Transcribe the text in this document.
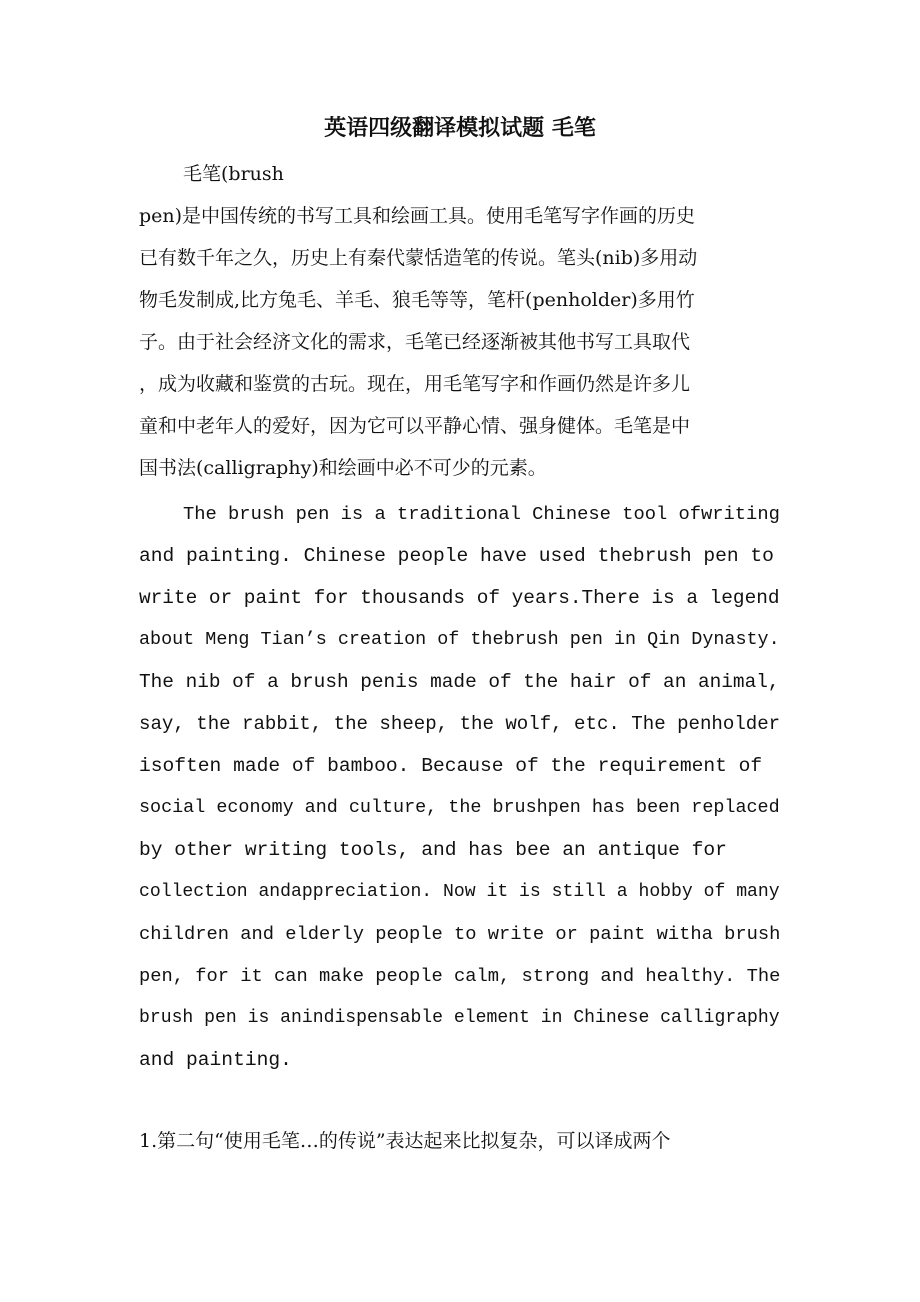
英语四级翻译模拟试题 毛笔
毛笔(brush
pen)是中国传统的书写工具和绘画工具。使用毛笔写字作画的历史
已有数千年之久，历史上有秦代蒙恬造笔的传说。笔头(nib)多用动
物毛发制成,比方兔毛、羊毛、狼毛等等，笔杆(penholder)多用竹
子。由于社会经济文化的需求，毛笔已经逐渐被其他书写工具取代
，成为收藏和鉴赏的古玩。现在，用毛笔写字和作画仍然是许多儿
童和中老年人的爱好，因为它可以平静心情、强身健体。毛笔是中
国书法(calligraphy)和绘画中必不可少的元素。
The brush pen is a traditional Chinese tool ofwriting
and painting. Chinese people have used thebrush pen to
write or paint for thousands of years.There is a legend
about Meng Tian’s creation of thebrush pen in Qin Dynasty.
The nib of a brush penis made of the hair of an animal,
say, the rabbit, the sheep, the wolf, etc. The penholder
isoften made of bamboo. Because of the requirement of
social economy and culture, the brushpen has been replaced
by other writing tools, and has bee an antique for
collection andappreciation. Now it is still a hobby of many
children and elderly people to write or paint witha brush
pen, for it can make people calm, strong and healthy. The
brush pen is anindispensable element in Chinese calligraphy
and painting.
1.第二句“使用毛笔…的传说”表达起来比拟复杂，可以译成两个
